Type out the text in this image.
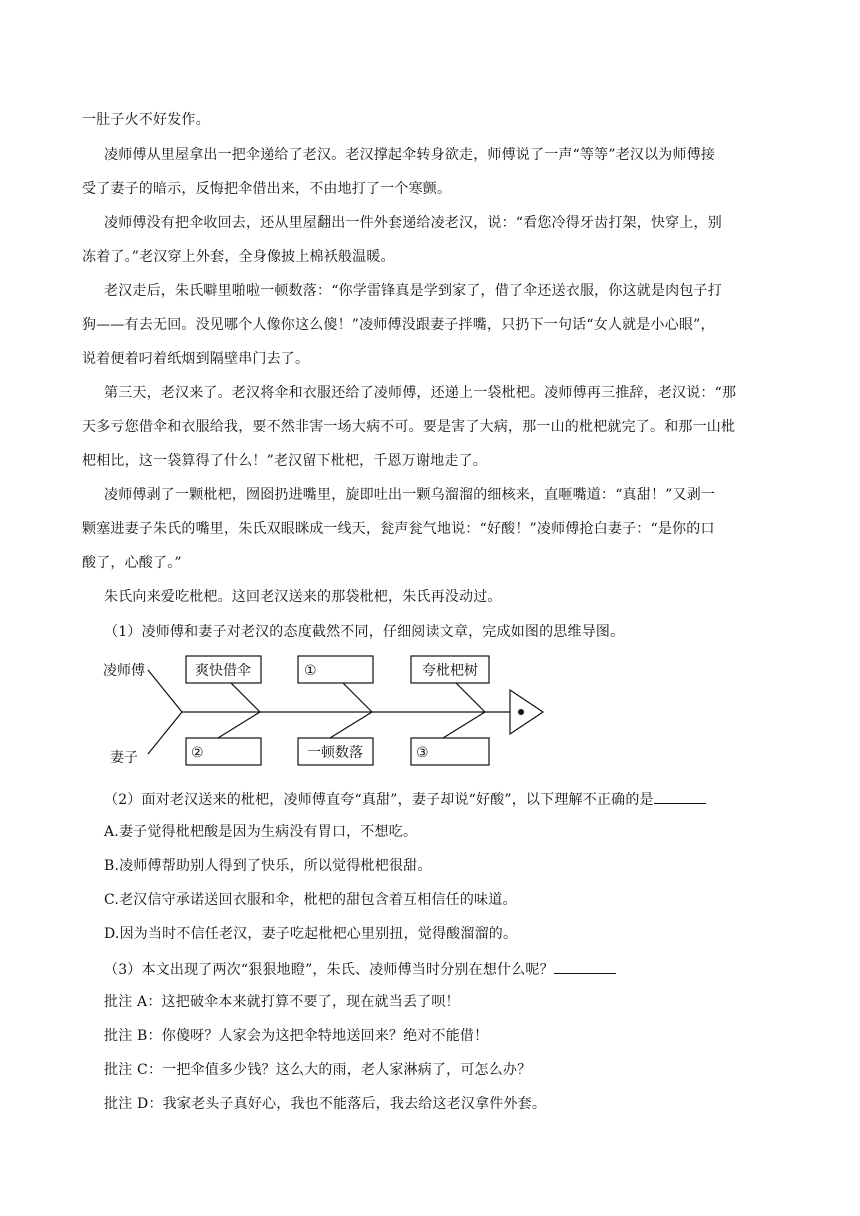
一肚子火不好发作。
凌师傅从里屋拿出一把伞递给了老汉。老汉撑起伞转身欲走，师傅说了一声“等等”老汉以为师傅接
受了妻子的暗示，反悔把伞借出来，不由地打了一个寒颤。
凌师傅没有把伞收回去，还从里屋翻出一件外套递给凌老汉，说：“看您冷得牙齿打架，快穿上，别
冻着了。”老汉穿上外套，全身像披上棉袄般温暖。
老汉走后，朱氏噼里啪啦一顿数落：“你学雷锋真是学到家了，借了伞还送衣服，你这就是肉包子打
狗——有去无回。没见哪个人像你这么傻！”凌师傅没跟妻子拌嘴，只扔下一句话“女人就是小心眼”，
说着便着叼着纸烟到隔壁串门去了。
第三天，老汉来了。老汉将伞和衣服还给了凌师傅，还递上一袋枇杷。凌师傅再三推辞，老汉说：“那
天多亏您借伞和衣服给我，要不然非害一场大病不可。要是害了大病，那一山的枇杷就完了。和那一山枇
杷相比，这一袋算得了什么！”老汉留下枇杷，千恩万谢地走了。
凌师傅剥了一颗枇杷，囫囵扔进嘴里，旋即吐出一颗乌溜溜的细核来，直咂嘴道：“真甜！”又剥一
颗塞进妻子朱氏的嘴里，朱氏双眼眯成一线天，瓮声瓮气地说：“好酸！”凌师傅抢白妻子：“是你的口
酸了，心酸了。”
朱氏向来爱吃枇杷。这回老汉送来的那袋枇杷，朱氏再没动过。
（1）凌师傅和妻子对老汉的态度截然不同，仔细阅读文章，完成如图的思维导图。
凌师傅
妻子
爽快借伞	①	夸枇杷树
②	一顿数落	③
（2）面对老汉送来的枇杷，凌师傅直夸“真甜”，妻子却说“好酸”，以下理解不正确的是
A.妻子觉得枇杷酸是因为生病没有胃口，不想吃。
B.凌师傅帮助别人得到了快乐，所以觉得枇杷很甜。
C.老汉信守承诺送回衣服和伞，枇杷的甜包含着互相信任的味道。
D.因为当时不信任老汉，妻子吃起枇杷心里别扭，觉得酸溜溜的。
（3）本文出现了两次“狠狠地瞪”，朱氏、凌师傅当时分别在想什么呢？
批注 A：这把破伞本来就打算不要了，现在就当丢了呗！
批注 B：你傻呀？人家会为这把伞特地送回来？绝对不能借！
批注 C：一把伞值多少钱？这么大的雨，老人家淋病了，可怎么办？
批注 D：我家老头子真好心，我也不能落后，我去给这老汉拿件外套。
